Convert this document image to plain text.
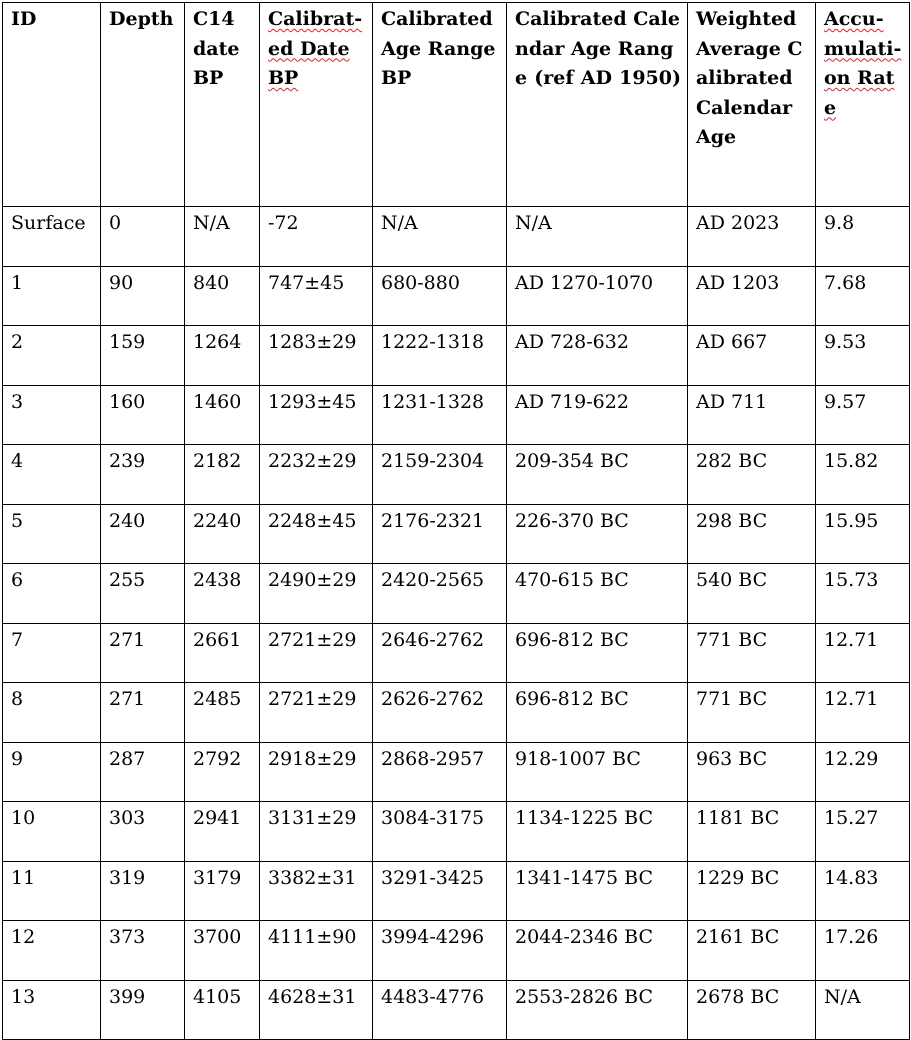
ID	Depth	C14 date BP	Calibrat-ed Date BP	Calibrated Age Range BP	Calibrated Calendar Age Range (ref AD 1950)	Weighted Average Calibrated Calendar Age	Accu-mulati-on Rate
Surface	0	N/A	-72	N/A	N/A	AD 2023	9.8
1	90	840	747±45	680-880	AD 1270-1070	AD 1203	7.68
2	159	1264	1283±29	1222-1318	AD 728-632	AD 667	9.53
3	160	1460	1293±45	1231-1328	AD 719-622	AD 711	9.57
4	239	2182	2232±29	2159-2304	209-354 BC	282 BC	15.82
5	240	2240	2248±45	2176-2321	226-370 BC	298 BC	15.95
6	255	2438	2490±29	2420-2565	470-615 BC	540 BC	15.73
7	271	2661	2721±29	2646-2762	696-812 BC	771 BC	12.71
8	271	2485	2721±29	2626-2762	696-812 BC	771 BC	12.71
9	287	2792	2918±29	2868-2957	918-1007 BC	963 BC	12.29
10	303	2941	3131±29	3084-3175	1134-1225 BC	1181 BC	15.27
11	319	3179	3382±31	3291-3425	1341-1475 BC	1229 BC	14.83
12	373	3700	4111±90	3994-4296	2044-2346 BC	2161 BC	17.26
13	399	4105	4628±31	4483-4776	2553-2826 BC	2678 BC	N/A
